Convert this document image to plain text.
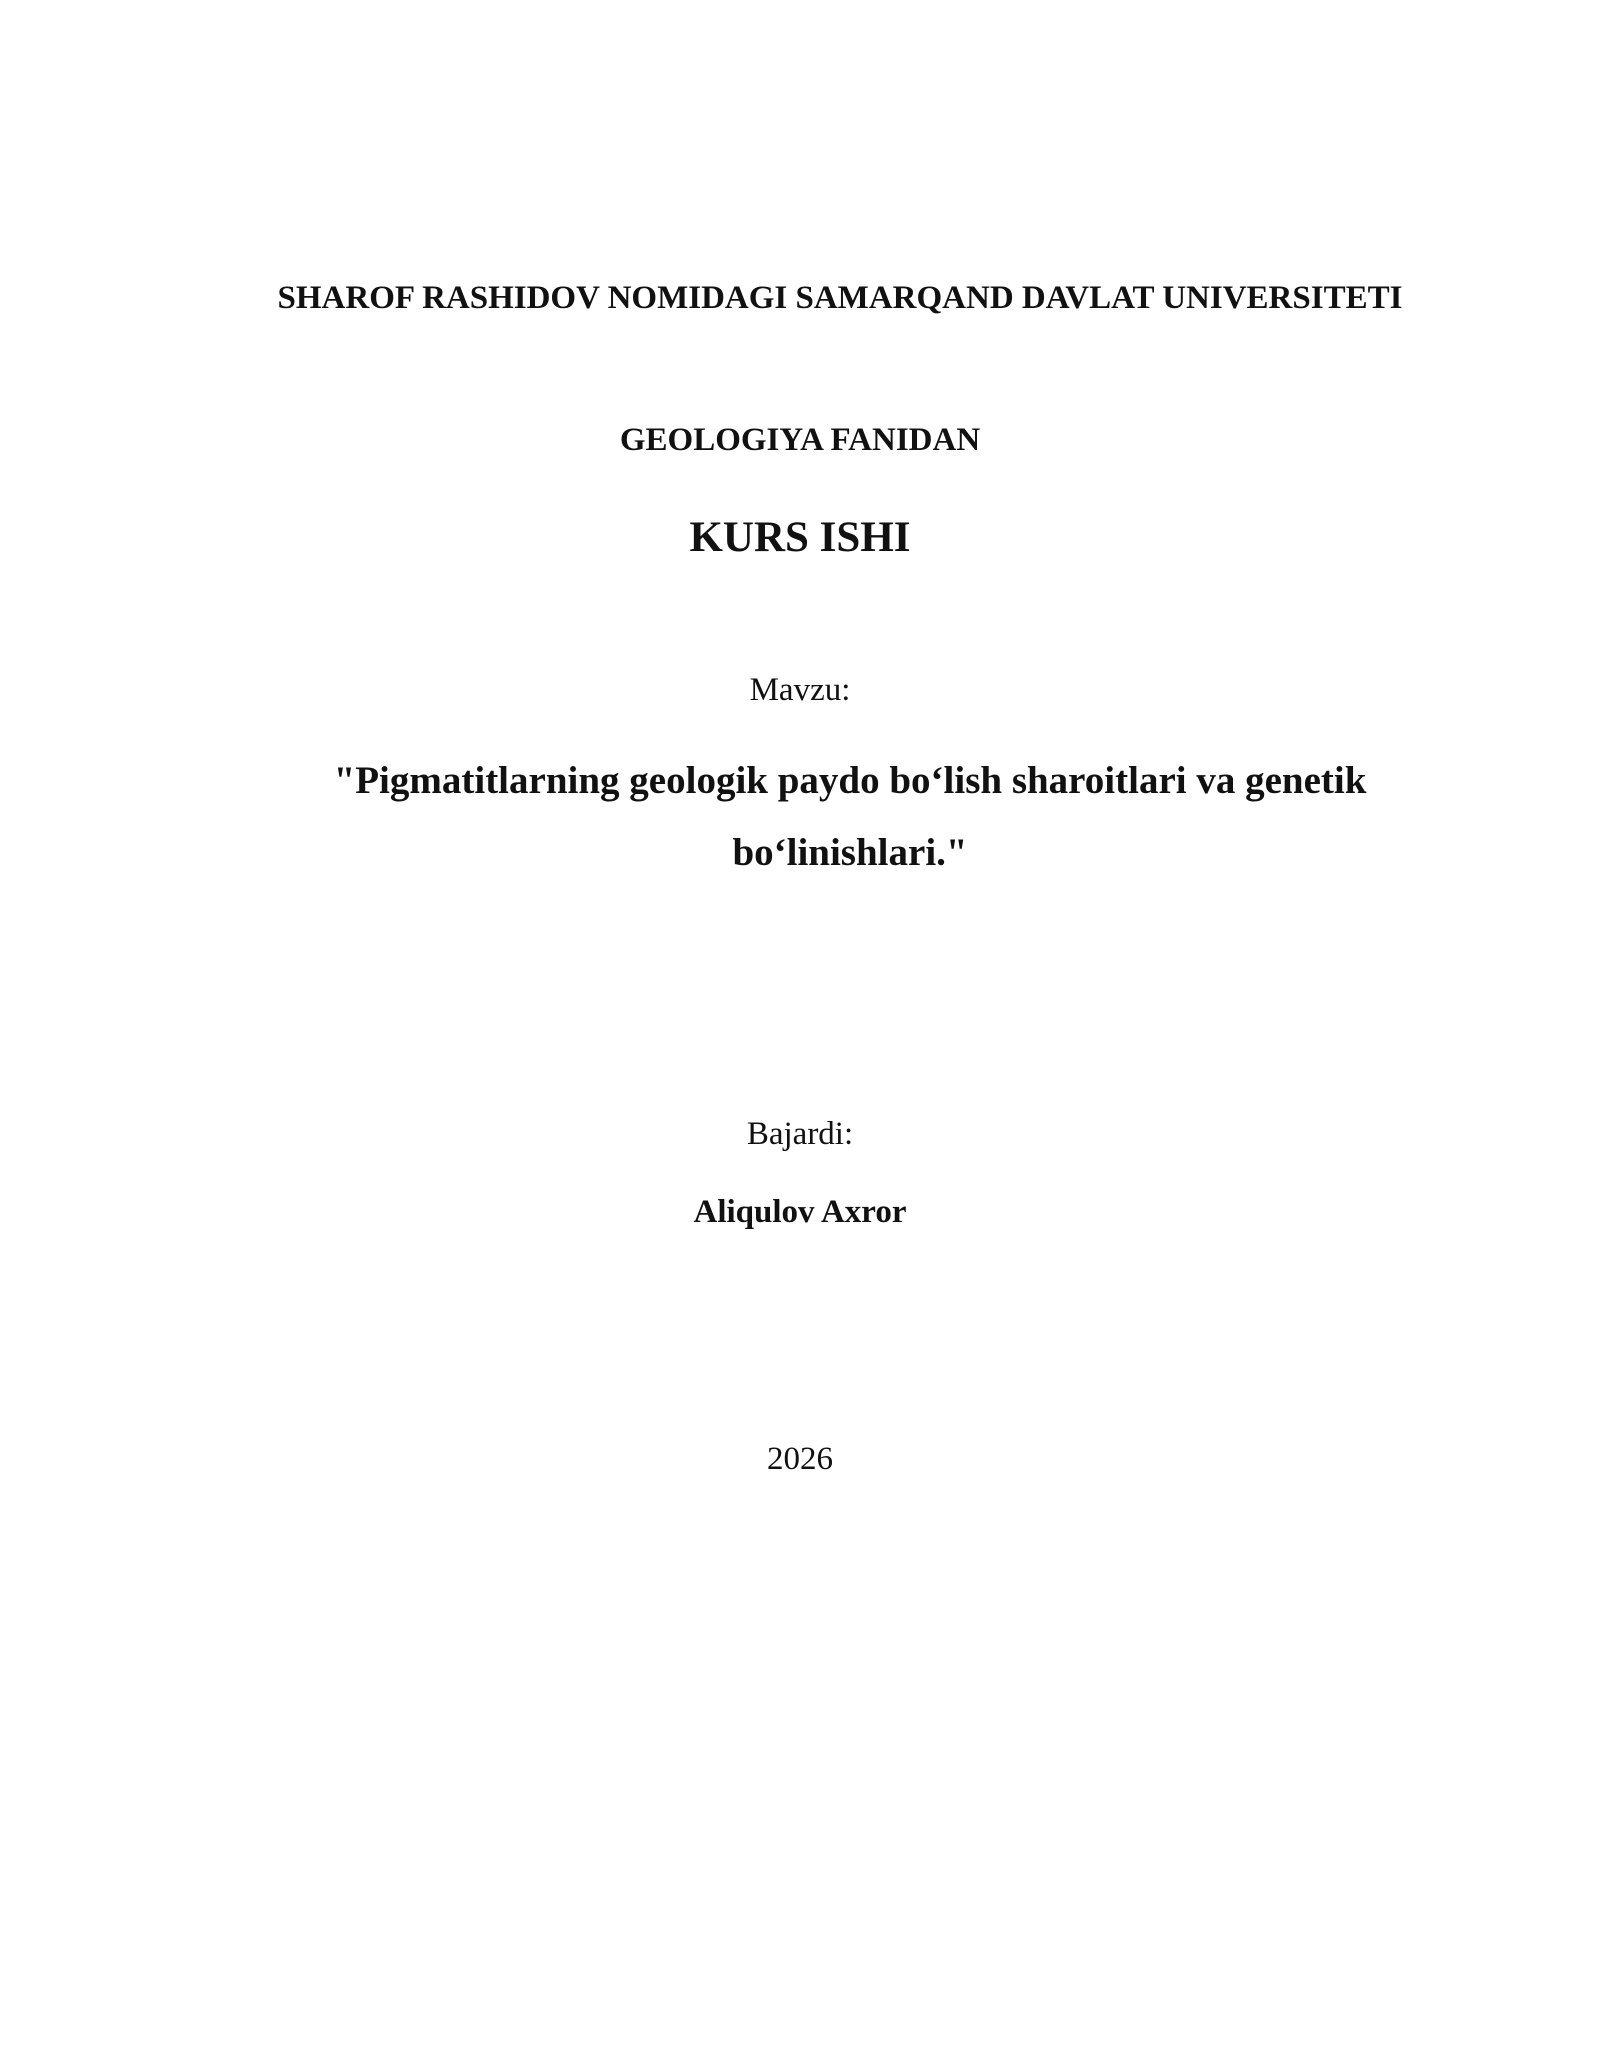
SHAROF RASHIDOV NOMIDAGI SAMARQAND DAVLAT UNIVERSITETI
GEOLOGIYA FANIDAN
KURS ISHI
Mavzu:
"Pigmatitlarning geologik paydo bo‘lish sharoitlari va genetik bo‘linishlari."
Bajardi:
Aliqulov Axror
2026
